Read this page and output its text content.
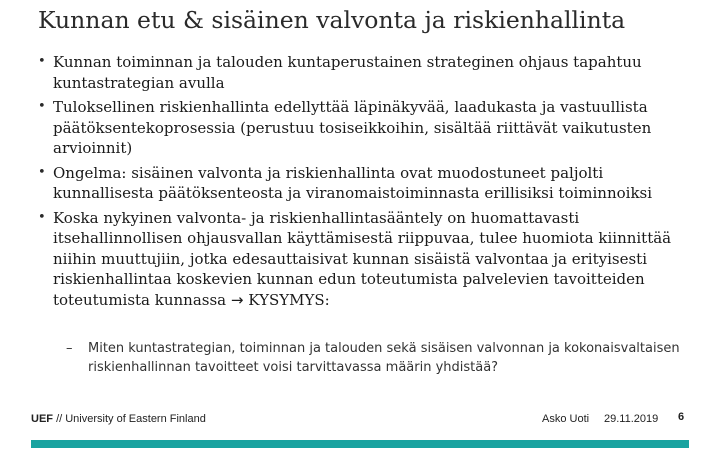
Kunnan etu & sisäinen valvonta ja riskienhallinta
• Kunnan toiminnan ja talouden kuntaperustainen strateginen ohjaus tapahtuu kuntastrategian avulla
• Tuloksellinen riskienhallinta edellyttää läpinäkyvää, laadukasta ja vastuullista päätöksentekoprosessia (perustuu tosiseikkoihin, sisältää riittävät vaikutusten arvioinnit)
• Ongelma: sisäinen valvonta ja riskienhallinta ovat muodostuneet paljolti kunnallisesta päätöksenteosta ja viranomaistoiminnasta erillisiksi toiminnoiksi
• Koska nykyinen valvonta- ja riskienhallintasääntely on huomattavasti itsehallinnollisen ohjausvallan käyttämisestä riippuvaa, tulee huomiota kiinnittää niihin muuttujiin, jotka edesauttaisivat kunnan sisäistä valvontaa ja erityisesti riskienhallintaa koskevien kunnan edun toteutumista palvelevien tavoitteiden toteutumista kunnassa → KYSYMYS:
–	Miten kuntastrategian, toiminnan ja talouden sekä sisäisen valvonnan ja kokonaisvaltaisen riskienhallinnan tavoitteet voisi tarvittavassa määrin yhdistää?
UEF // University of Eastern Finland	Asko Uoti 29.11.2019 6
